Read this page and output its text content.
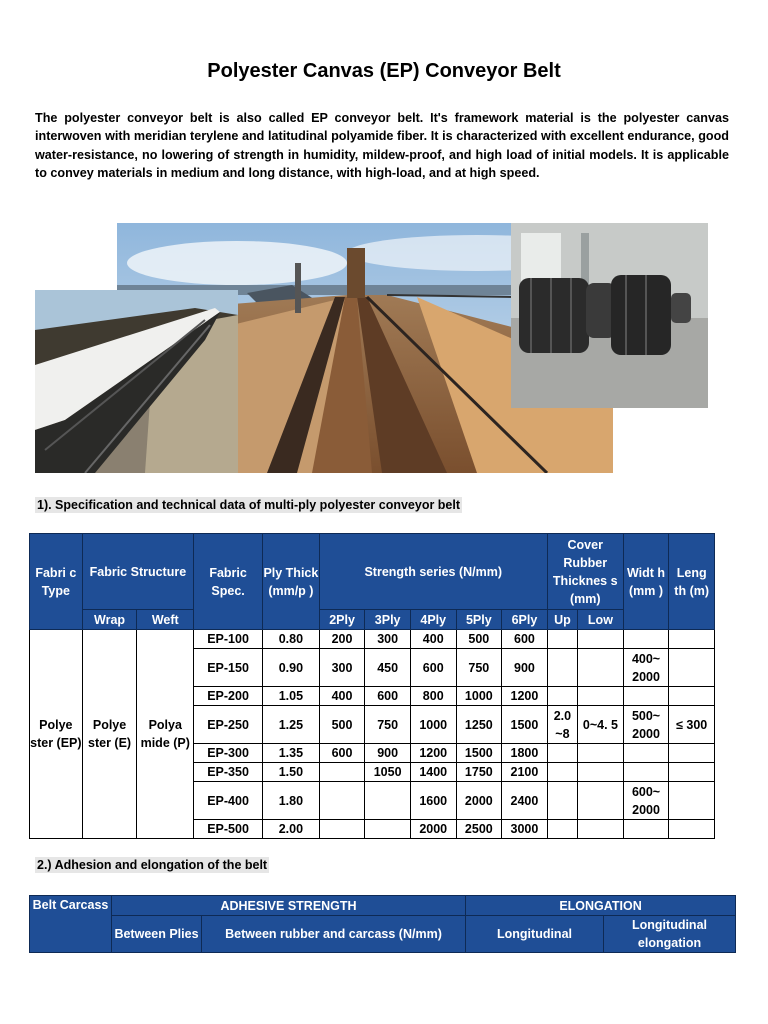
Polyester Canvas (EP) Conveyor Belt
The polyester conveyor belt is also called EP conveyor belt. It's framework material is the polyester canvas interwoven with meridian terylene and latitudinal polyamide fiber. It is characterized with excellent endurance, good water-resistance, no lowering of strength in humidity, mildew-proof, and high load of initial models. It is applicable to convey materials in medium and long distance, with high-load, and at high speed.
1). Specification and technical data of multi-ply polyester conveyor belt
Fabri c Type	Fabric Structure		Fabric Spec.	Ply Thick (mm/p )	Strength series (N/mm)					Cover Rubber Thicknes s (mm)		Widt h (mm )	Leng th (m)
	Wrap	Weft			2Ply	3Ply	4Ply	5Ply	6Ply	Up	Low		
Polye ster (EP)	Polye ster (E)	Polya mide (P)	EP-100	0.80	200	300	400	500	600				
			EP-150	0.90	300	450	600	750	900			400~ 2000	
			EP-200	1.05	400	600	800	1000	1200				
			EP-250	1.25	500	750	1000	1250	1500	2.0 ~8	0~4. 5	500~ 2000	≤ 300
			EP-300	1.35	600	900	1200	1500	1800				
			EP-350	1.50		1050	1400	1750	2100				
			EP-400	1.80			1600	2000	2400			600~ 2000	
			EP-500	2.00			2000	2500	3000				
2.) Adhesion and elongation of the belt
Belt Carcass	ADHESIVE STRENGTH		ELONGATION	
	Between Plies	Between rubber and carcass (N/mm)	Longitudinal	Longitudinal elongation
